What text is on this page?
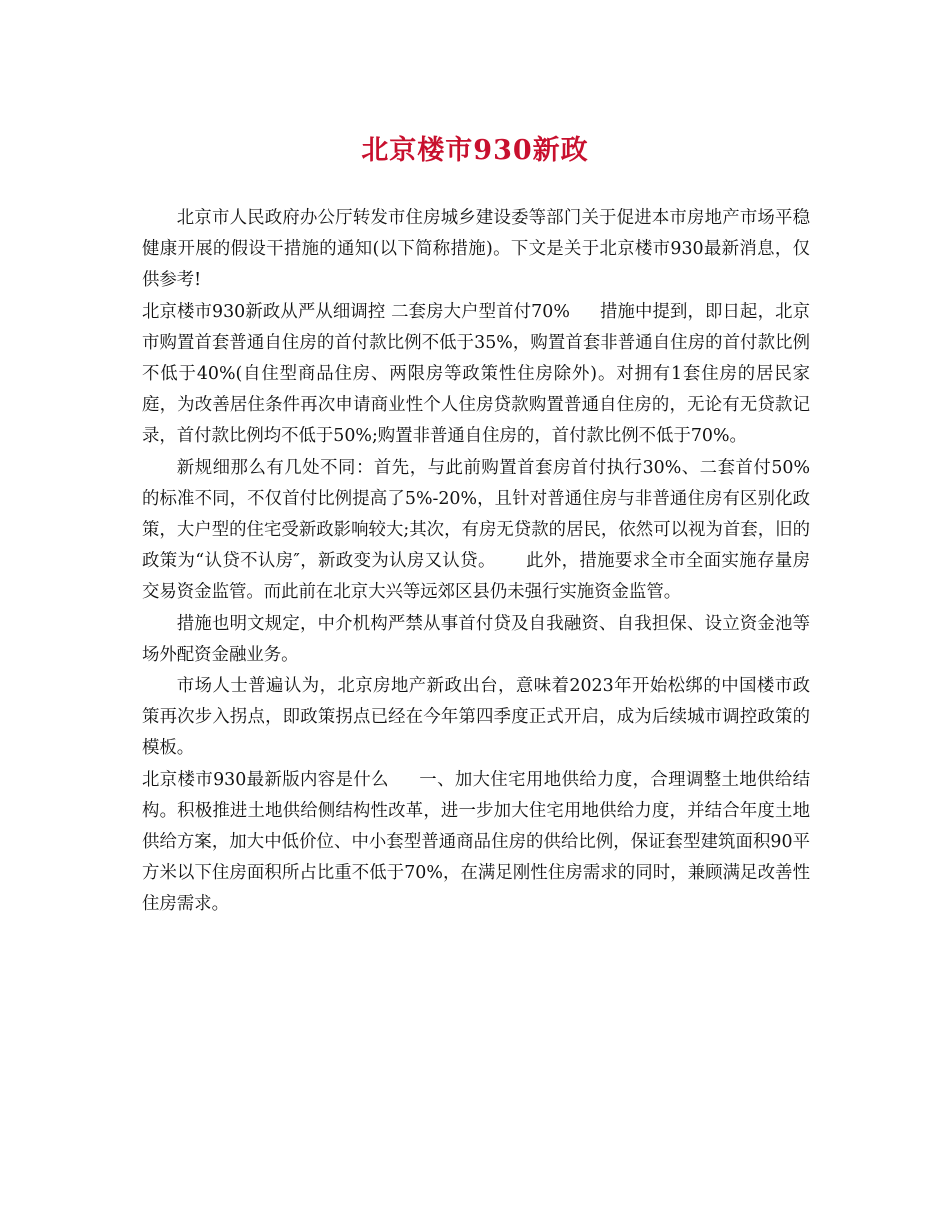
北京楼市930新政

北京市人民政府办公厅转发市住房城乡建设委等部门关于促进本市房地产市场平稳健康开展的假设干措施的通知(以下简称措施)。下文是关于北京楼市930最新消息，仅供参考!

北京楼市930新政从严从细调控 二套房大户型首付70% 措施中提到，即日起，北京市购置首套普通自住房的首付款比例不低于35%，购置首套非普通自住房的首付款比例不低于40%(自住型商品住房、两限房等政策性住房除外)。对拥有1套住房的居民家庭，为改善居住条件再次申请商业性个人住房贷款购置普通自住房的，无论有无贷款记录，首付款比例均不低于50%;购置非普通自住房的，首付款比例不低于70%。

新规细那么有几处不同：首先，与此前购置首套房首付执行30%、二套首付50%的标准不同，不仅首付比例提高了5%-20%，且针对普通住房与非普通住房有区别化政策，大户型的住宅受新政影响较大;其次，有房无贷款的居民，依然可以视为首套，旧的政策为“认贷不认房″，新政变为认房又认贷。 此外，措施要求全市全面实施存量房交易资金监管。而此前在北京大兴等远郊区县仍未强行实施资金监管。

措施也明文规定，中介机构严禁从事首付贷及自我融资、自我担保、设立资金池等场外配资金融业务。

市场人士普遍认为，北京房地产新政出台，意味着2023年开始松绑的中国楼市政策再次步入拐点，即政策拐点已经在今年第四季度正式开启，成为后续城市调控政策的模板。

北京楼市930最新版内容是什么 一、加大住宅用地供给力度，合理调整土地供给结构。积极推进土地供给侧结构性改革，进一步加大住宅用地供给力度，并结合年度土地供给方案，加大中低价位、中小套型普通商品住房的供给比例，保证套型建筑面积90平方米以下住房面积所占比重不低于70%，在满足刚性住房需求的同时，兼顾满足改善性住房需求。
